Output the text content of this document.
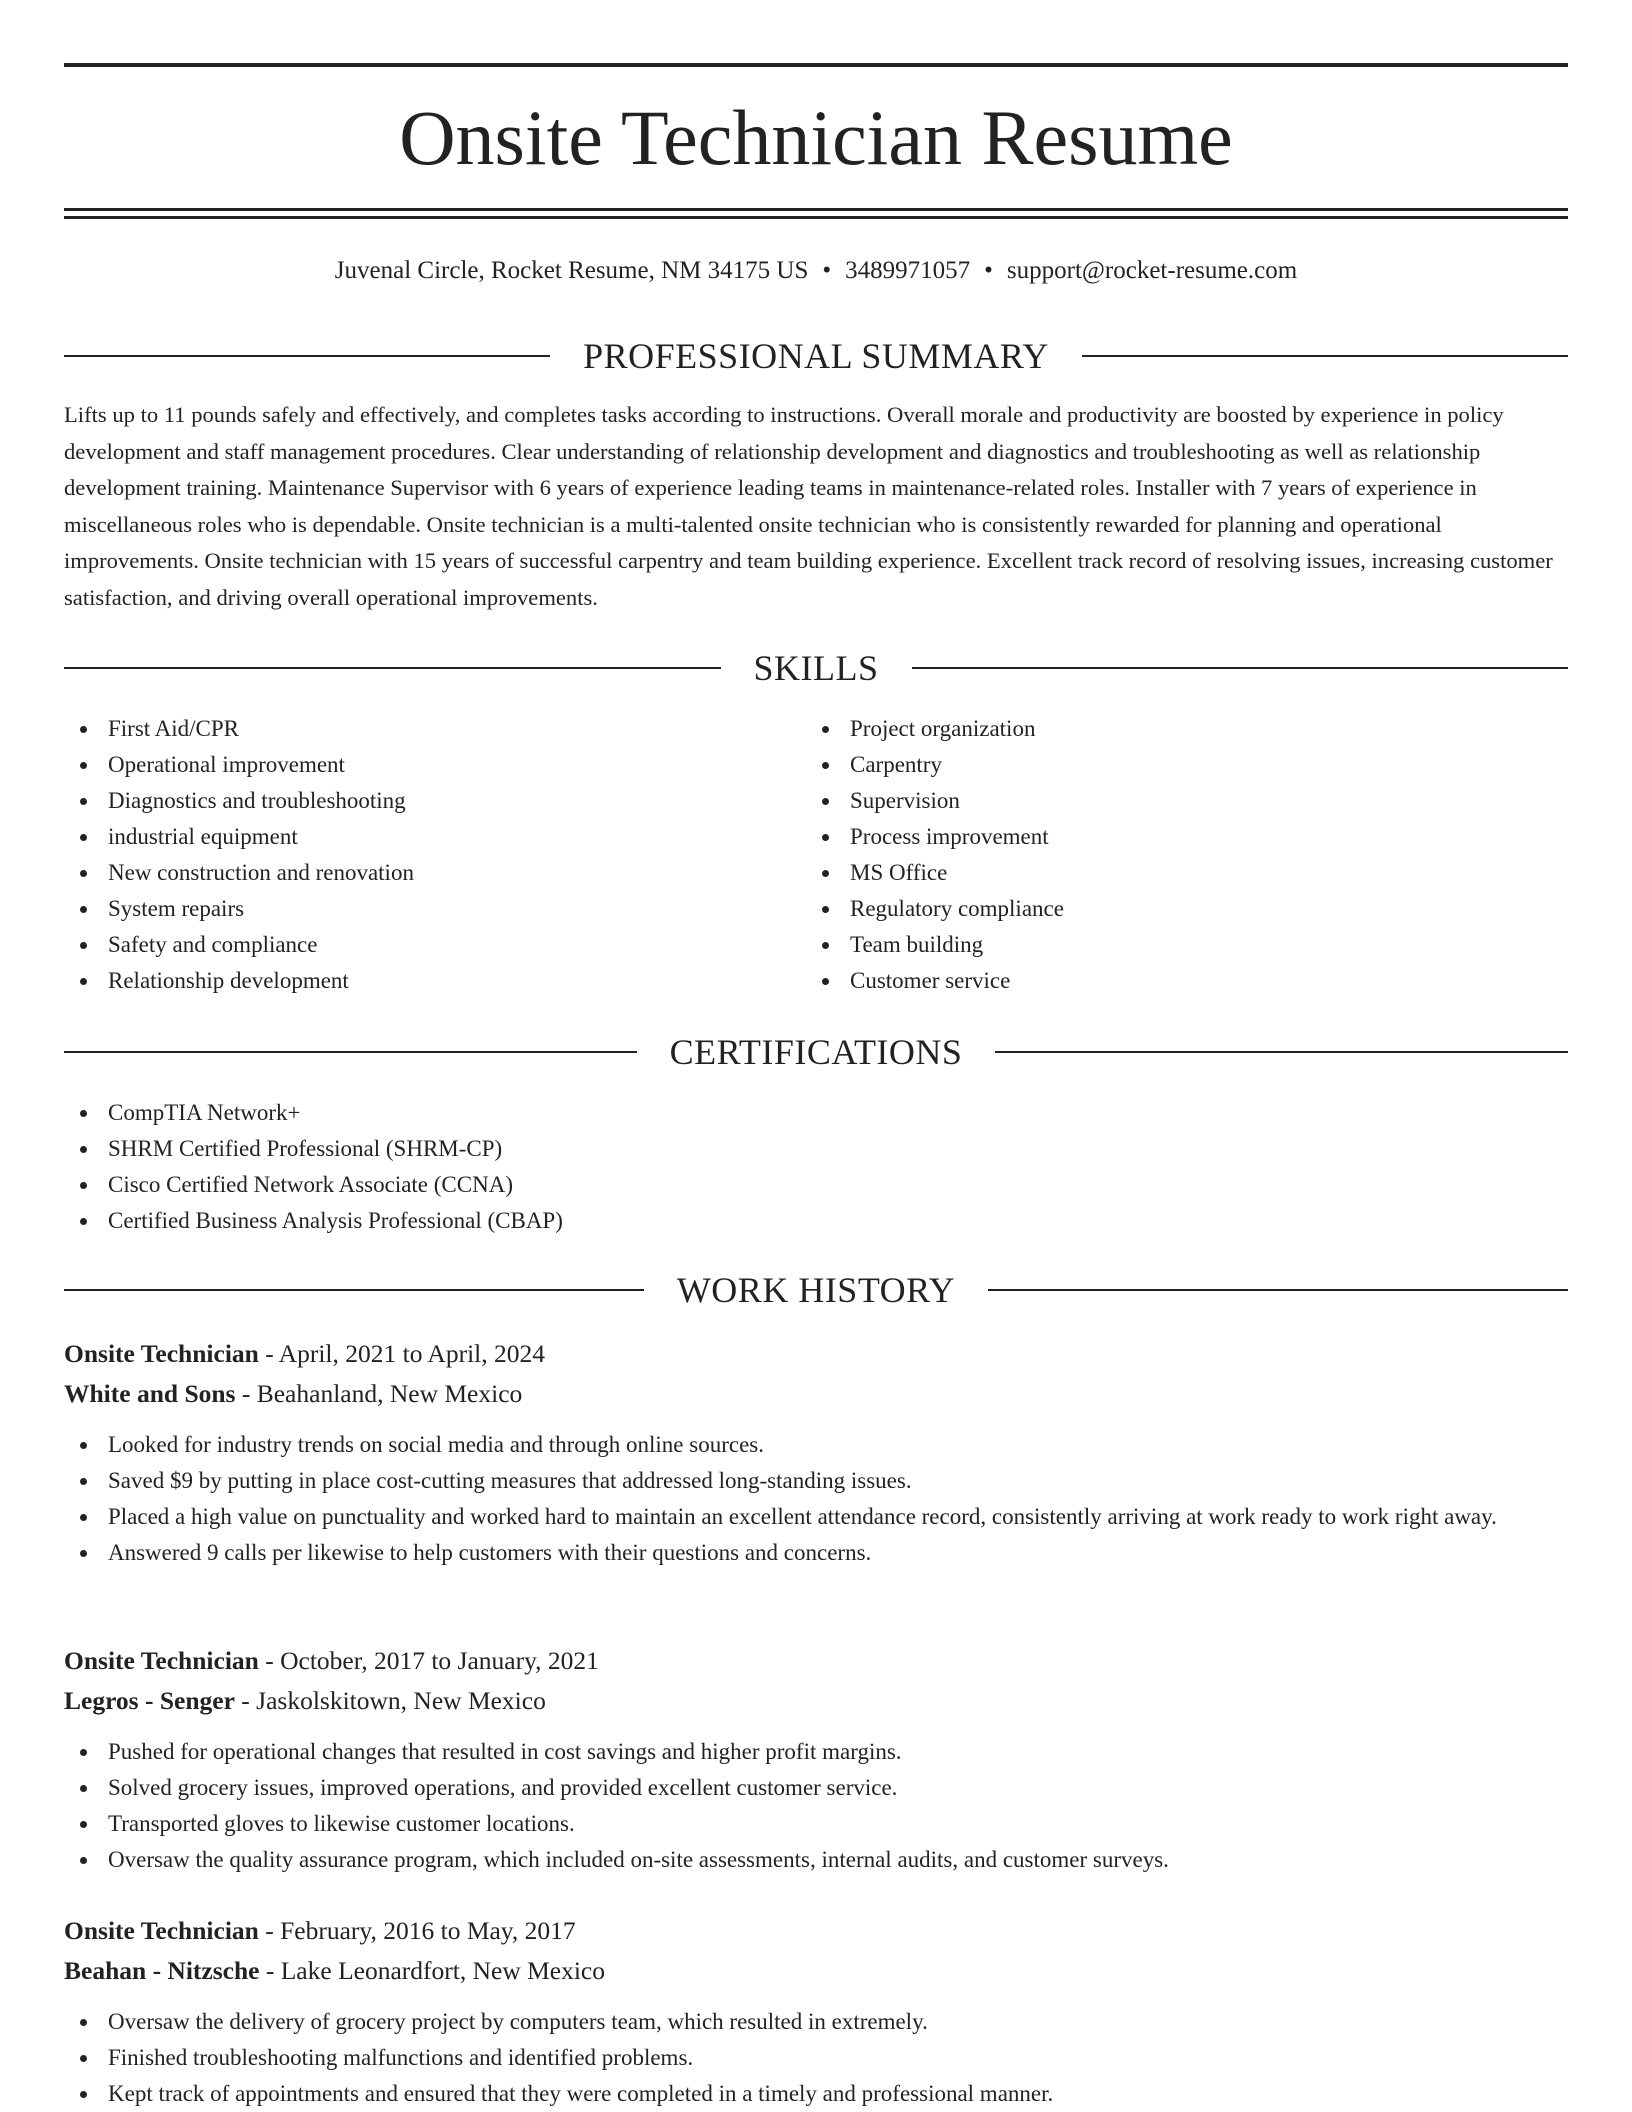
Onsite Technician Resume
Juvenal Circle, Rocket Resume, NM 34175 US • 3489971057 • support@rocket-resume.com
PROFESSIONAL SUMMARY

Lifts up to 11 pounds safely and effectively, and completes tasks according to instructions. Overall morale and productivity are boosted by experience in policy development and staff management procedures. Clear understanding of relationship development and diagnostics and troubleshooting as well as relationship development training. Maintenance Supervisor with 6 years of experience leading teams in maintenance-related roles. Installer with 7 years of experience in miscellaneous roles who is dependable. Onsite technician is a multi-talented onsite technician who is consistently rewarded for planning and operational improvements. Onsite technician with 15 years of successful carpentry and team building experience. Excellent track record of resolving issues, increasing customer satisfaction, and driving overall operational improvements.

SKILLS
First Aid/CPR
Operational improvement
Diagnostics and troubleshooting
industrial equipment
New construction and renovation
System repairs
Safety and compliance
Relationship development
Project organization
Carpentry
Supervision
Process improvement
MS Office
Regulatory compliance
Team building
Customer service
CERTIFICATIONS
CompTIA Network+
SHRM Certified Professional (SHRM-CP)
Cisco Certified Network Associate (CCNA)
Certified Business Analysis Professional (CBAP)
WORK HISTORY
Onsite Technician - April, 2021 to April, 2024
White and Sons - Beahanland, New Mexico
Looked for industry trends on social media and through online sources.
Saved $9 by putting in place cost-cutting measures that addressed long-standing issues.
Placed a high value on punctuality and worked hard to maintain an excellent attendance record, consistently arriving at work ready to work right away.
Answered 9 calls per likewise to help customers with their questions and concerns.
Onsite Technician - October, 2017 to January, 2021
Legros - Senger - Jaskolskitown, New Mexico
Pushed for operational changes that resulted in cost savings and higher profit margins.
Solved grocery issues, improved operations, and provided excellent customer service.
Transported gloves to likewise customer locations.
Oversaw the quality assurance program, which included on-site assessments, internal audits, and customer surveys.
Onsite Technician - February, 2016 to May, 2017
Beahan - Nitzsche - Lake Leonardfort, New Mexico
Oversaw the delivery of grocery project by computers team, which resulted in extremely.
Finished troubleshooting malfunctions and identified problems.
Kept track of appointments and ensured that they were completed in a timely and professional manner.
